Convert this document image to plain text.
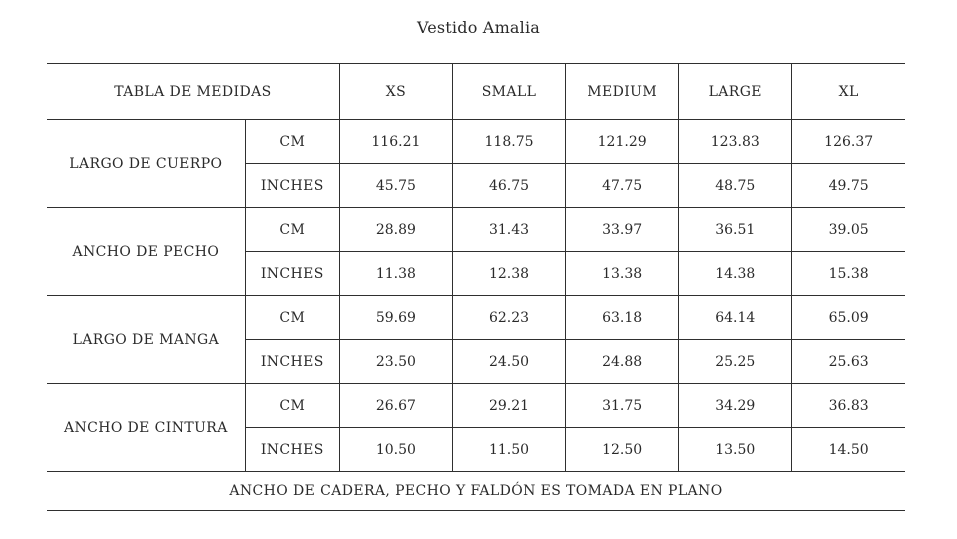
Vestido Amalia
TABLA DE MEDIDAS		XS	SMALL	MEDIUM	LARGE	XL
LARGO DE CUERPO	CM	116.21	118.75	121.29	123.83	126.37
	INCHES	45.75	46.75	47.75	48.75	49.75
ANCHO DE PECHO	CM	28.89	31.43	33.97	36.51	39.05
	INCHES	11.38	12.38	13.38	14.38	15.38
LARGO DE MANGA	CM	59.69	62.23	63.18	64.14	65.09
	INCHES	23.50	24.50	24.88	25.25	25.63
ANCHO DE CINTURA	CM	26.67	29.21	31.75	34.29	36.83
	INCHES	10.50	11.50	12.50	13.50	14.50
ANCHO DE CADERA, PECHO Y FALDÓN ES TOMADA EN PLANO						
